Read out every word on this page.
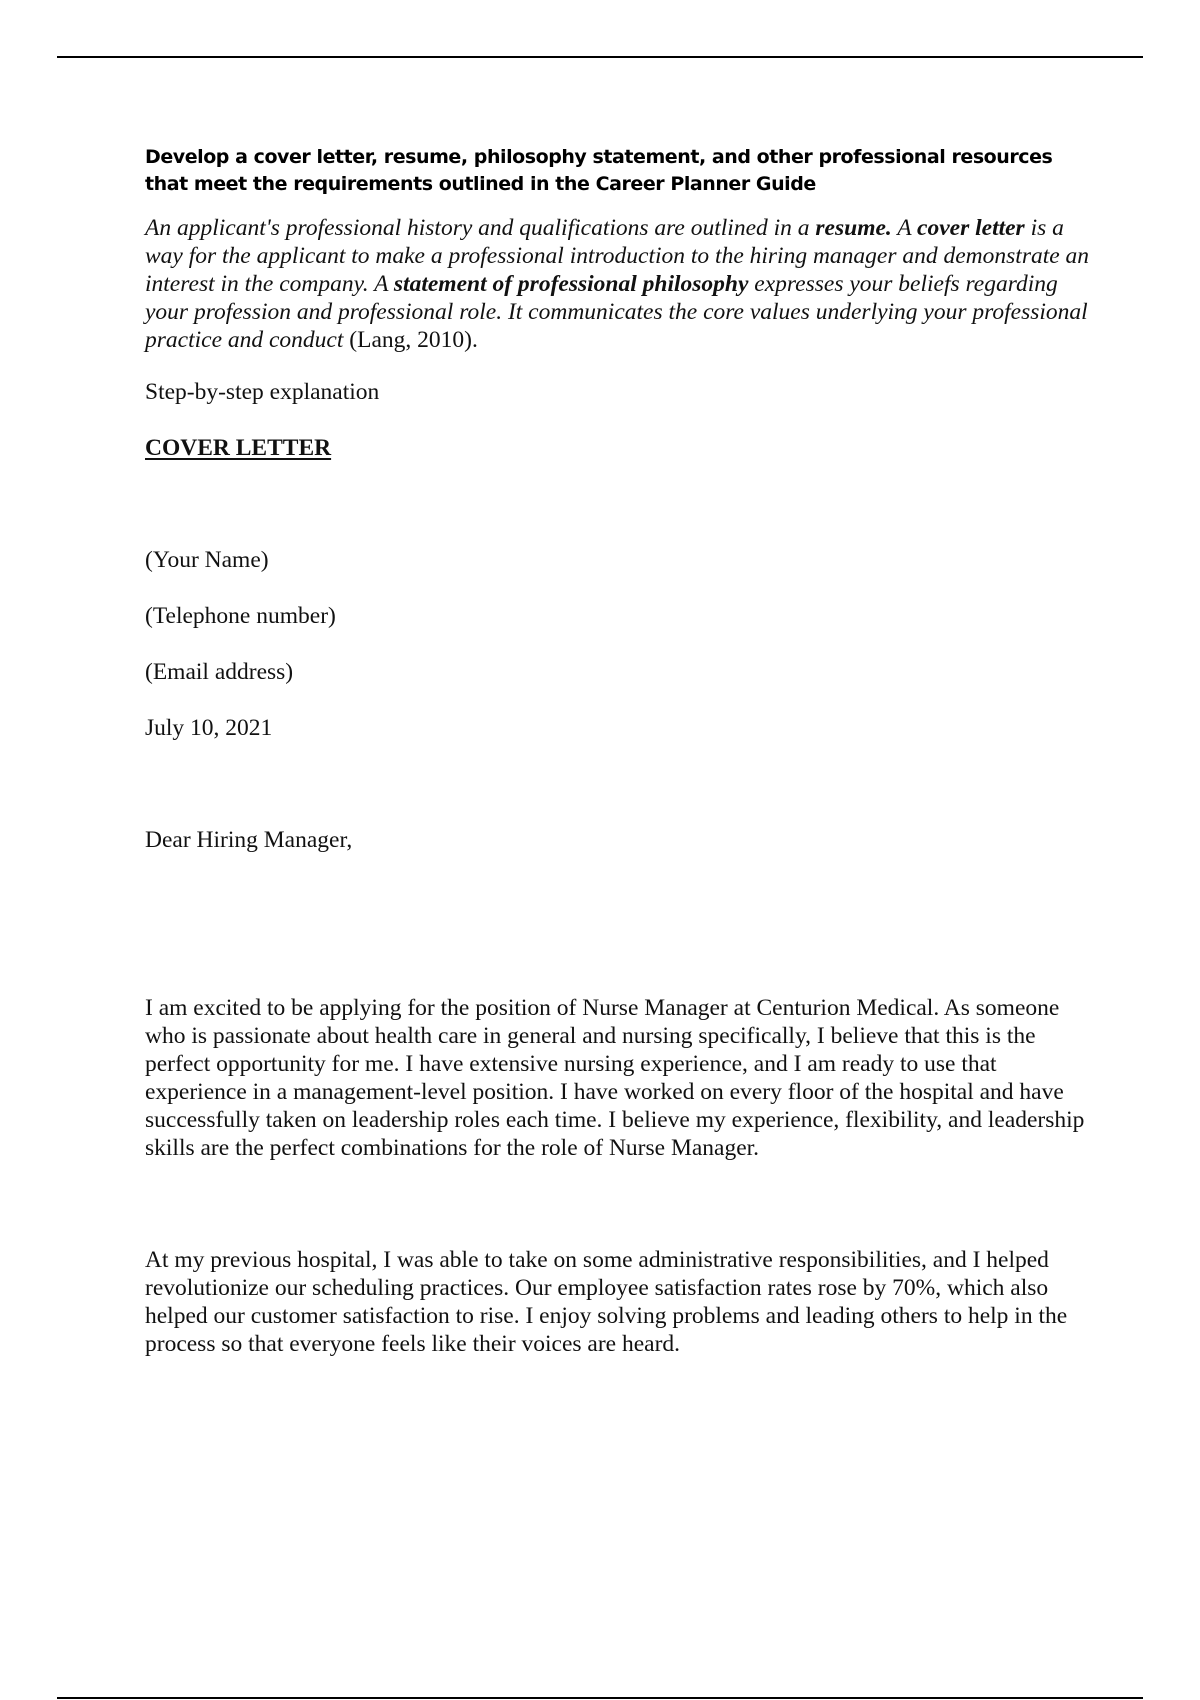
Develop a cover letter, resume, philosophy statement, and other professional resources that meet the requirements outlined in the Career Planner Guide

An applicant's professional history and qualifications are outlined in a resume. A cover letter is a way for the applicant to make a professional introduction to the hiring manager and demonstrate an interest in the company. A statement of professional philosophy expresses your beliefs regarding your profession and professional role. It communicates the core values underlying your professional practice and conduct (Lang, 2010).

Step-by-step explanation

COVER LETTER

(Your Name)

(Telephone number)

(Email address)

July 10, 2021

Dear Hiring Manager,

I am excited to be applying for the position of Nurse Manager at Centurion Medical. As someone who is passionate about health care in general and nursing specifically, I believe that this is the perfect opportunity for me. I have extensive nursing experience, and I am ready to use that experience in a management-level position. I have worked on every floor of the hospital and have successfully taken on leadership roles each time. I believe my experience, flexibility, and leadership skills are the perfect combinations for the role of Nurse Manager.

At my previous hospital, I was able to take on some administrative responsibilities, and I helped revolutionize our scheduling practices. Our employee satisfaction rates rose by 70%, which also helped our customer satisfaction to rise. I enjoy solving problems and leading others to help in the process so that everyone feels like their voices are heard.
